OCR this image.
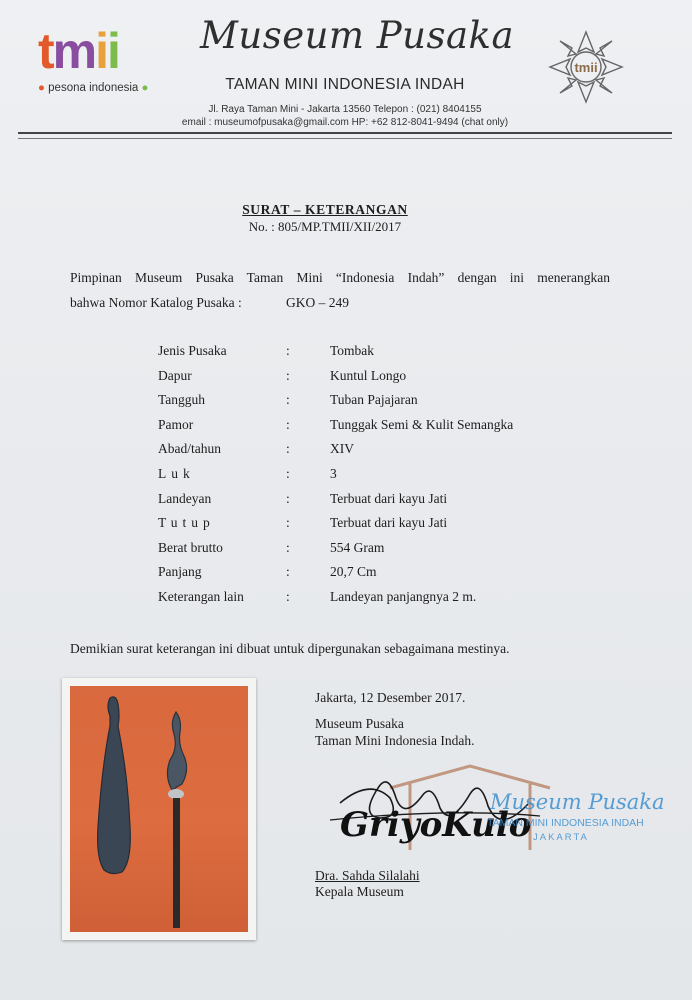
tmii
● pesona indonesia ●
Museum Pusaka
TAMAN MINI INDONESIA INDAH
Jl. Raya Taman Mini - Jakarta 13560 Telepon : (021) 8404155
email : museumofpusaka@gmail.com HP: +62 812-8041-9494 (chat only)
tmii
SURAT – KETERANGAN
No. : 805/MP.TMII/XII/2017
Pimpinan Museum Pusaka Taman Mini “Indonesia Indah” dengan ini menerangkan
bahwa Nomor Katalog Pusaka :	GKO – 249
Jenis Pusaka	:	Tombak
Dapur	:	Kuntul Longo
Tangguh	:	Tuban Pajajaran
Pamor	:	Tunggak Semi & Kulit Semangka
Abad/tahun	:	XIV
Luk	:	3
Landeyan	:	Terbuat dari kayu Jati
Tutup	:	Terbuat dari kayu Jati
Berat brutto	:	554 Gram
Panjang	:	20,7 Cm
Keterangan lain	:	Landeyan panjangnya 2 m.
Demikian surat keterangan ini dibuat untuk dipergunakan sebagaimana mestinya.
Jakarta, 12 Desember 2017.
Museum Pusaka
Taman Mini Indonesia Indah.
GriyoKulo
Museum Pusaka
TAMAN MINI INDONESIA INDAH
JAKARTA
Dra. Sahda Silalahi
Kepala Museum
